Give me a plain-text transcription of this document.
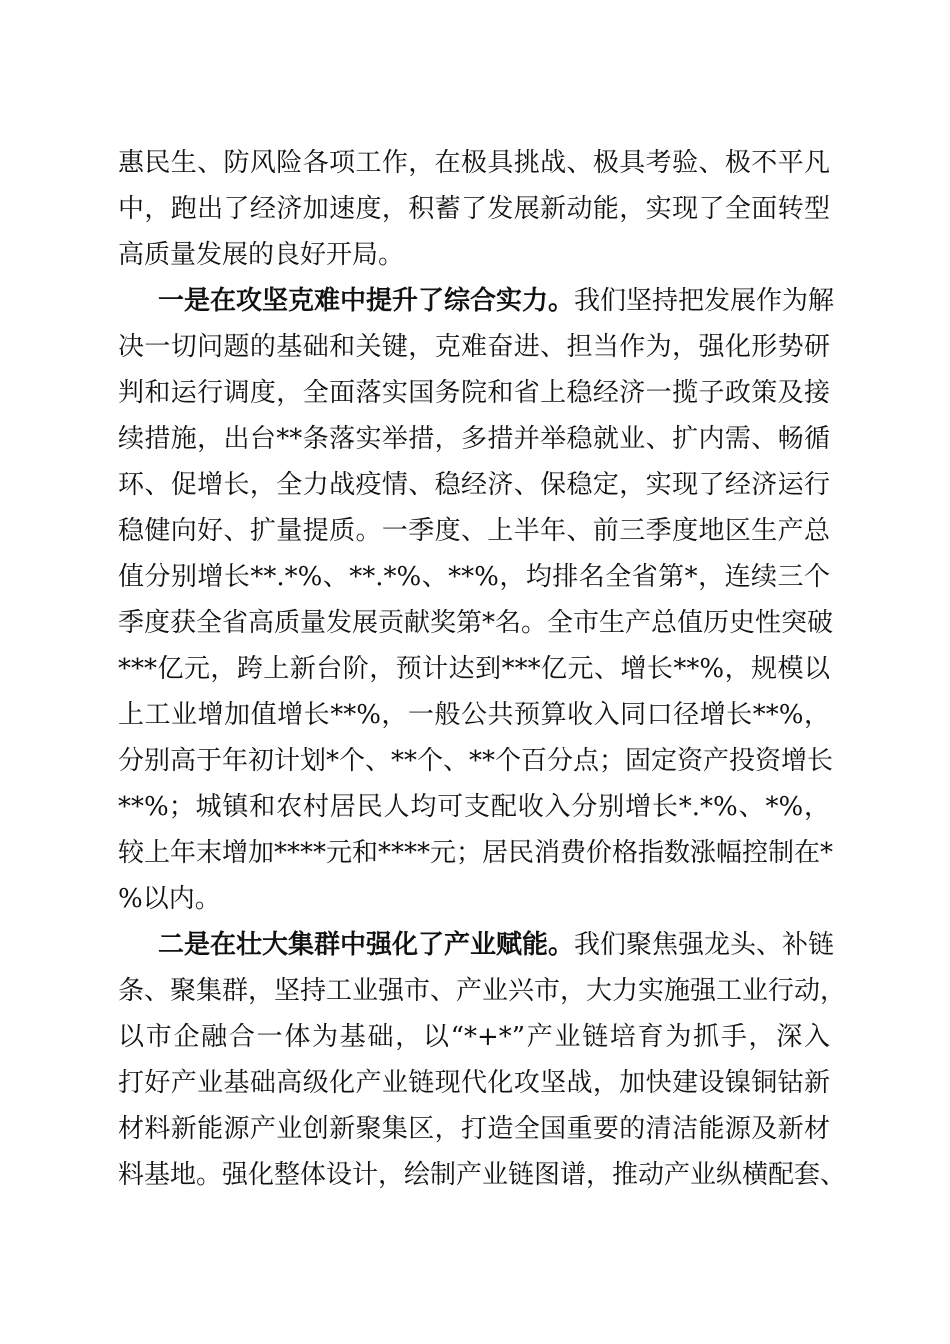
惠民生、防风险各项工作，在极具挑战、极具考验、极不平凡
中，跑出了经济加速度，积蓄了发展新动能，实现了全面转型
高质量发展的良好开局。
一是在攻坚克难中提升了综合实力。我们坚持把发展作为解
决一切问题的基础和关键，克难奋进、担当作为，强化形势研
判和运行调度，全面落实国务院和省上稳经济一揽子政策及接
续措施，出台**条落实举措，多措并举稳就业、扩内需、畅循
环、促增长，全力战疫情、稳经济、保稳定，实现了经济运行
稳健向好、扩量提质。一季度、上半年、前三季度地区生产总
值分别增长**.*%、**.*%、**%，均排名全省第*，连续三个
季度获全省高质量发展贡献奖第*名。全市生产总值历史性突破
***亿元，跨上新台阶，预计达到***亿元、增长**%，规模以
上工业增加值增长**%，一般公共预算收入同口径增长**%，
分别高于年初计划*个、**个、**个百分点；固定资产投资增长
**%；城镇和农村居民人均可支配收入分别增长*.*%、*%，
较上年末增加****元和****元；居民消费价格指数涨幅控制在*
%以内。
二是在壮大集群中强化了产业赋能。我们聚焦强龙头、补链
条、聚集群，坚持工业强市、产业兴市，大力实施强工业行动，
以市企融合一体为基础，以“*+*”产业链培育为抓手，深入
打好产业基础高级化产业链现代化攻坚战，加快建设镍铜钴新
材料新能源产业创新聚集区，打造全国重要的清洁能源及新材
料基地。强化整体设计，绘制产业链图谱，推动产业纵横配套、
